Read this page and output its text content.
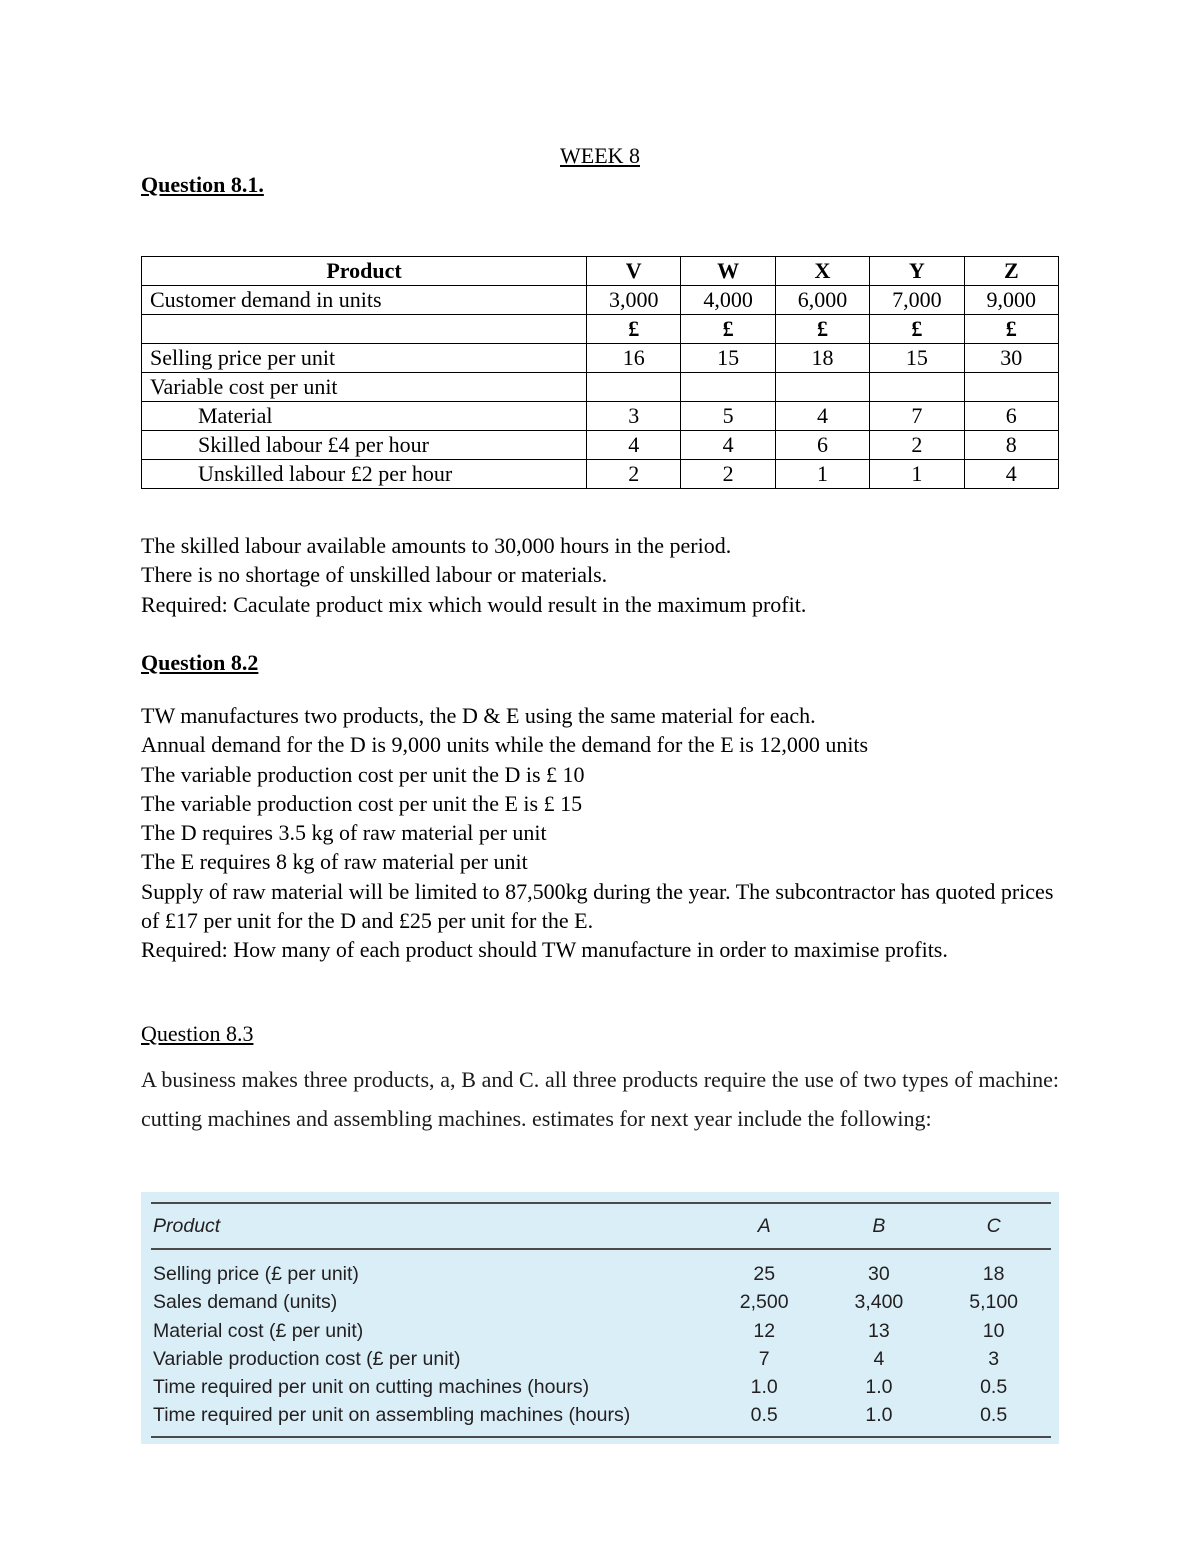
WEEK 8
Question 8.1.
Product	V	W	X	Y	Z
Customer demand in units	3,000	4,000	6,000	7,000	9,000
	£	£	£	£	£
Selling price per unit	16	15	18	15	30
Variable cost per unit					
Material	3	5	4	7	6
Skilled labour £4 per hour	4	4	6	2	8
Unskilled labour £2 per hour	2	2	1	1	4
The skilled labour available amounts to 30,000 hours in the period.
There is no shortage of unskilled labour or materials.
Required: Caculate product mix which would result in the maximum profit.
Question 8.2
TW manufactures two products, the D & E using the same material for each.
Annual demand for the D is 9,000 units while the demand for the E is 12,000 units
The variable production cost per unit the D is £ 10
The variable production cost per unit the E is £ 15
The D requires 3.5 kg of raw material per unit
The E requires 8 kg of raw material per unit
Supply of raw material will be limited to 87,500kg during the year. The subcontractor has quoted prices of £17 per unit for the D and £25 per unit for the E.
Required: How many of each product should TW manufacture in order to maximise profits.
Question 8.3
A business makes three products, a, B and C. all three products require the use of two types of machine: cutting machines and assembling machines. estimates for next year include the following:
Product	A	B	C
Selling price (£ per unit)	25	30	18
Sales demand (units)	2,500	3,400	5,100
Material cost (£ per unit)	12	13	10
Variable production cost (£ per unit)	7	4	3
Time required per unit on cutting machines (hours)	1.0	1.0	0.5
Time required per unit on assembling machines (hours)	0.5	1.0	0.5
